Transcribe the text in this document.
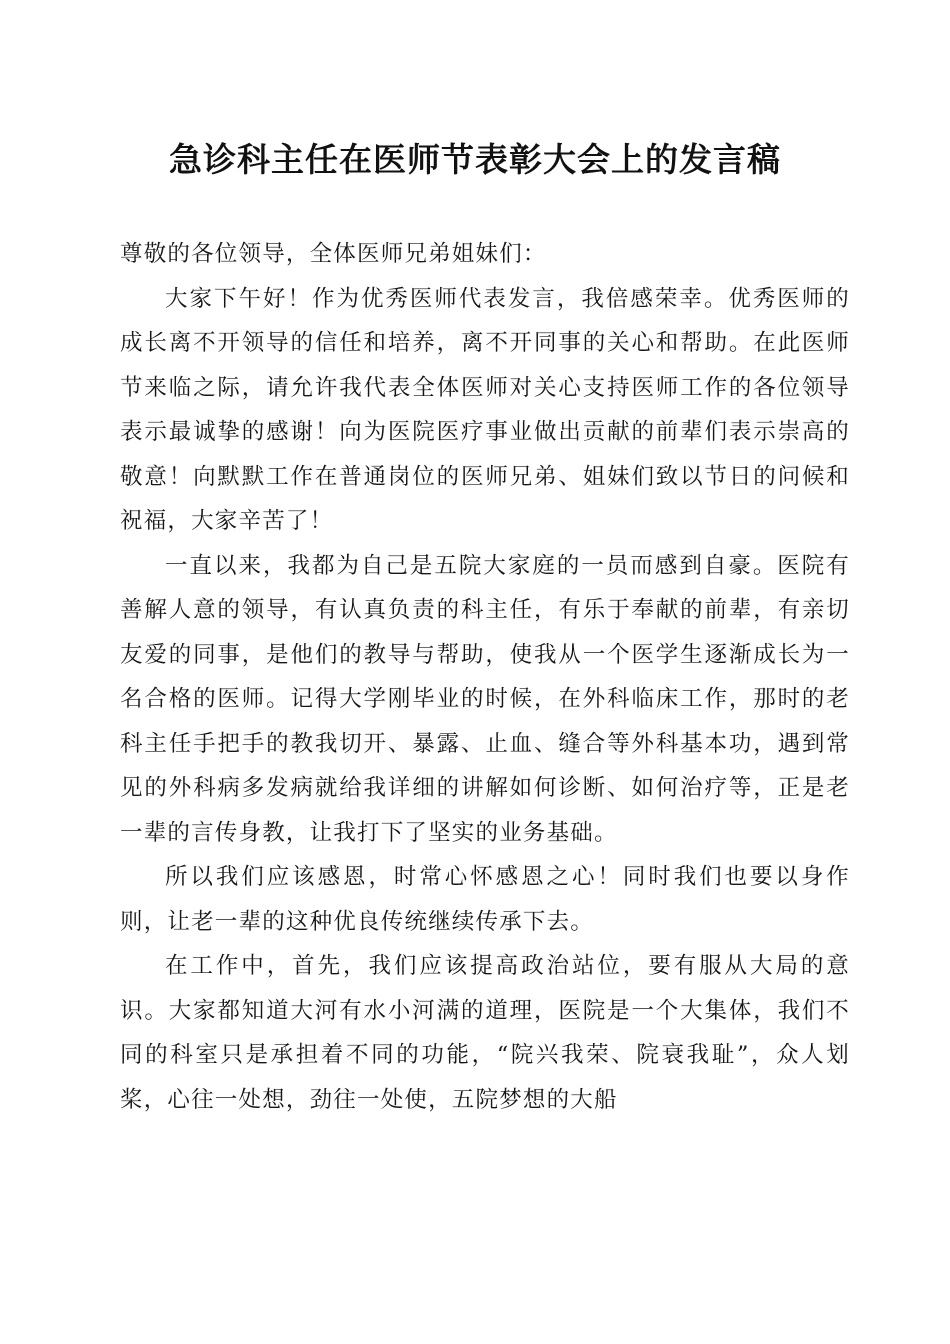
急诊科主任在医师节表彰大会上的发言稿

尊敬的各位领导，全体医师兄弟姐妹们：

大家下午好！作为优秀医师代表发言，我倍感荣幸。优秀医师的成长离不开领导的信任和培养，离不开同事的关心和帮助。在此医师节来临之际，请允许我代表全体医师对关心支持医师工作的各位领导表示最诚挚的感谢！向为医院医疗事业做出贡献的前辈们表示崇高的敬意！向默默工作在普通岗位的医师兄弟、姐妹们致以节日的问候和祝福，大家辛苦了！

一直以来，我都为自己是五院大家庭的一员而感到自豪。医院有善解人意的领导，有认真负责的科主任，有乐于奉献的前辈，有亲切友爱的同事，是他们的教导与帮助，使我从一个医学生逐渐成长为一名合格的医师。记得大学刚毕业的时候，在外科临床工作，那时的老科主任手把手的教我切开、暴露、止血、缝合等外科基本功，遇到常见的外科病多发病就给我详细的讲解如何诊断、如何治疗等，正是老一辈的言传身教，让我打下了坚实的业务基础。

所以我们应该感恩，时常心怀感恩之心！同时我们也要以身作则，让老一辈的这种优良传统继续传承下去。

在工作中，首先，我们应该提高政治站位，要有服从大局的意识。大家都知道大河有水小河满的道理，医院是一个大集体，我们不同的科室只是承担着不同的功能，“院兴我荣、院衰我耻”，众人划桨，心往一处想，劲往一处使，五院梦想的大船
